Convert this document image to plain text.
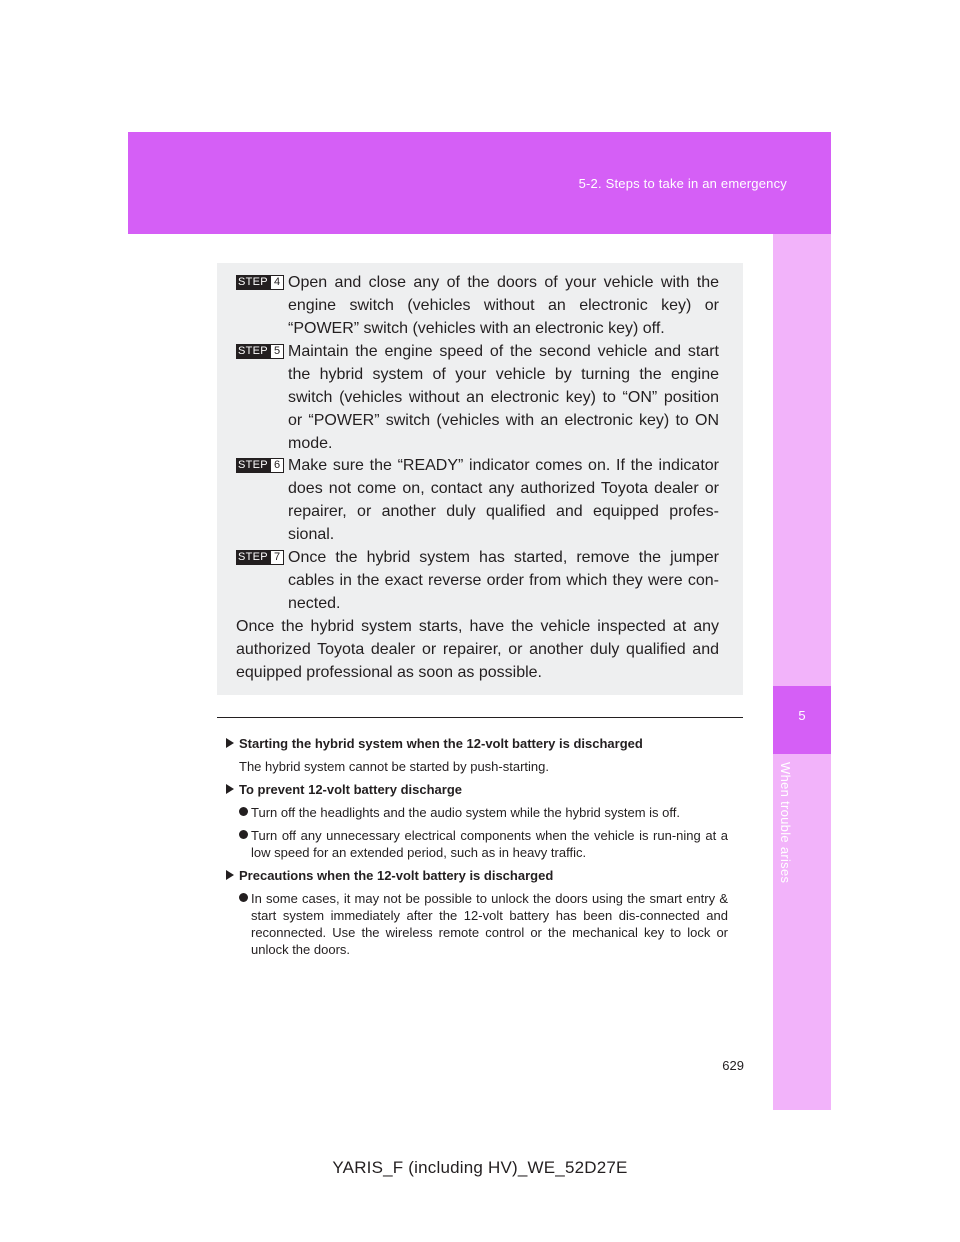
5-2. Steps to take in an emergency
5
When trouble arises
STEP 4 Open and close any of the doors of your vehicle with the engine switch (vehicles without an electronic key) or “POWER” switch (vehicles with an electronic key) off.
STEP 5 Maintain the engine speed of the second vehicle and start the hybrid system of your vehicle by turning the engine switch (vehicles without an electronic key) to “ON” position or “POWER” switch (vehicles with an electronic key) to ON mode.
STEP 6 Make sure the “READY” indicator comes on. If the indicator does not come on, contact any authorized Toyota dealer or repairer, or another duly qualified and equipped profes-sional.
STEP 7 Once the hybrid system has started, remove the jumper cables in the exact reverse order from which they were con-nected.
Once the hybrid system starts, have the vehicle inspected at any authorized Toyota dealer or repairer, or another duly qualified and equipped professional as soon as possible.
Starting the hybrid system when the 12-volt battery is discharged
The hybrid system cannot be started by push-starting.
To prevent 12-volt battery discharge
Turn off the headlights and the audio system while the hybrid system is off.
Turn off any unnecessary electrical components when the vehicle is run-ning at a low speed for an extended period, such as in heavy traffic.
Precautions when the 12-volt battery is discharged
In some cases, it may not be possible to unlock the doors using the smart entry & start system immediately after the 12-volt battery has been dis-connected and reconnected. Use the wireless remote control or the mechanical key to lock or unlock the doors.
629
YARIS_F (including HV)_WE_52D27E
